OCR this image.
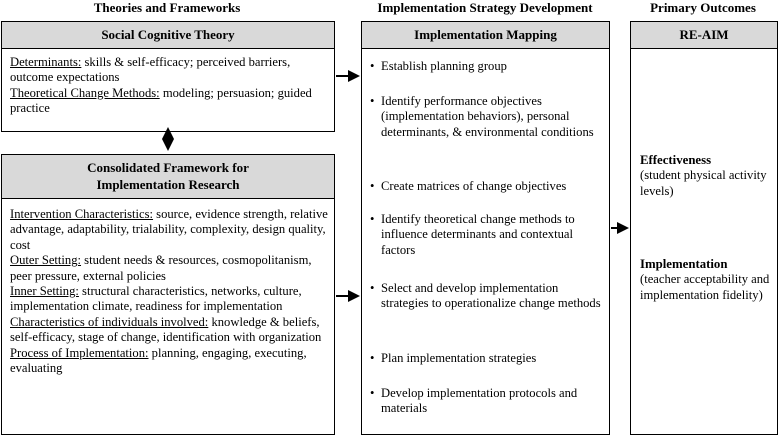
Theories and Frameworks	Implementation Strategy Development	Primary Outcomes
Social Cognitive Theory
Determinants: skills & self-efficacy; perceived barriers, outcome expectations
Theoretical Change Methods: modeling; persuasion; guided practice
Consolidated Framework for
Implementation Research
Intervention Characteristics: source, evidence strength, relative advantage, adaptability, trialability, complexity, design quality, cost
Outer Setting: student needs & resources, cosmopolitanism, peer pressure, external policies
Inner Setting: structural characteristics, networks, culture, implementation climate, readiness for implementation
Characteristics of individuals involved: knowledge & beliefs, self-efficacy, stage of change, identification with organization
Process of Implementation: planning, engaging, executing, evaluating
Implementation Mapping
• Establish planning group
• Identify performance objectives (implementation behaviors), personal determinants, & environmental conditions
• Create matrices of change objectives
• Identify theoretical change methods to influence determinants and contextual factors
• Select and develop implementation strategies to operationalize change methods
• Plan implementation strategies
• Develop implementation protocols and materials
RE-AIM
Effectiveness
(student physical activity levels)
Implementation
(teacher acceptability and implementation fidelity)
